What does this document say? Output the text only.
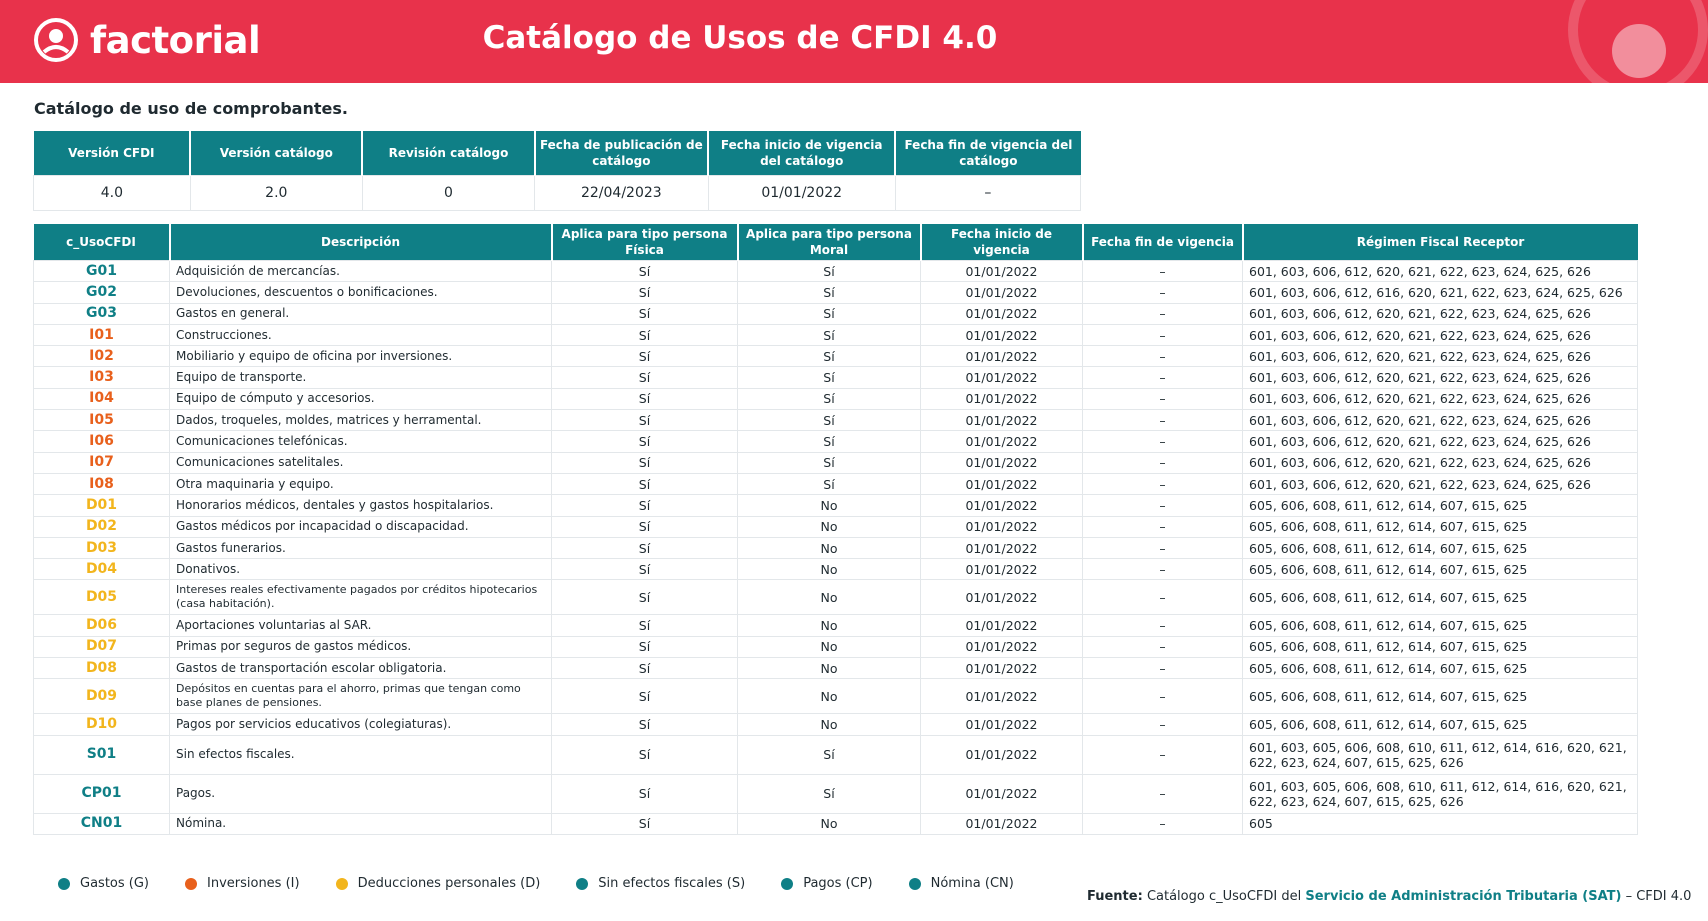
factorial	Catálogo de Usos de CFDI 4.0
Catálogo de uso de comprobantes.
Versión CFDI	Versión catálogo	Revisión catálogo	Fecha de publicación de catálogo	Fecha inicio de vigencia del catálogo	Fecha fin de vigencia del catálogo
4.0	2.0	0	22/04/2023	01/01/2022	–
c_UsoCFDI	Descripción	Aplica para tipo persona Física	Aplica para tipo persona Moral	Fecha inicio de vigencia	Fecha fin de vigencia	Régimen Fiscal Receptor
G01	Adquisición de mercancías.	Sí	Sí	01/01/2022	–	601, 603, 606, 612, 620, 621, 622, 623, 624, 625, 626
G02	Devoluciones, descuentos o bonificaciones.	Sí	Sí	01/01/2022	–	601, 603, 606, 612, 616, 620, 621, 622, 623, 624, 625, 626
G03	Gastos en general.	Sí	Sí	01/01/2022	–	601, 603, 606, 612, 620, 621, 622, 623, 624, 625, 626
I01	Construcciones.	Sí	Sí	01/01/2022	–	601, 603, 606, 612, 620, 621, 622, 623, 624, 625, 626
I02	Mobiliario y equipo de oficina por inversiones.	Sí	Sí	01/01/2022	–	601, 603, 606, 612, 620, 621, 622, 623, 624, 625, 626
I03	Equipo de transporte.	Sí	Sí	01/01/2022	–	601, 603, 606, 612, 620, 621, 622, 623, 624, 625, 626
I04	Equipo de cómputo y accesorios.	Sí	Sí	01/01/2022	–	601, 603, 606, 612, 620, 621, 622, 623, 624, 625, 626
I05	Dados, troqueles, moldes, matrices y herramental.	Sí	Sí	01/01/2022	–	601, 603, 606, 612, 620, 621, 622, 623, 624, 625, 626
I06	Comunicaciones telefónicas.	Sí	Sí	01/01/2022	–	601, 603, 606, 612, 620, 621, 622, 623, 624, 625, 626
I07	Comunicaciones satelitales.	Sí	Sí	01/01/2022	–	601, 603, 606, 612, 620, 621, 622, 623, 624, 625, 626
I08	Otra maquinaria y equipo.	Sí	Sí	01/01/2022	–	601, 603, 606, 612, 620, 621, 622, 623, 624, 625, 626
D01	Honorarios médicos, dentales y gastos hospitalarios.	Sí	No	01/01/2022	–	605, 606, 608, 611, 612, 614, 607, 615, 625
D02	Gastos médicos por incapacidad o discapacidad.	Sí	No	01/01/2022	–	605, 606, 608, 611, 612, 614, 607, 615, 625
D03	Gastos funerarios.	Sí	No	01/01/2022	–	605, 606, 608, 611, 612, 614, 607, 615, 625
D04	Donativos.	Sí	No	01/01/2022	–	605, 606, 608, 611, 612, 614, 607, 615, 625
D05	Intereses reales efectivamente pagados por créditos hipotecarios (casa habitación).	Sí	No	01/01/2022	–	605, 606, 608, 611, 612, 614, 607, 615, 625
D06	Aportaciones voluntarias al SAR.	Sí	No	01/01/2022	–	605, 606, 608, 611, 612, 614, 607, 615, 625
D07	Primas por seguros de gastos médicos.	Sí	No	01/01/2022	–	605, 606, 608, 611, 612, 614, 607, 615, 625
D08	Gastos de transportación escolar obligatoria.	Sí	No	01/01/2022	–	605, 606, 608, 611, 612, 614, 607, 615, 625
D09	Depósitos en cuentas para el ahorro, primas que tengan como base planes de pensiones.	Sí	No	01/01/2022	–	605, 606, 608, 611, 612, 614, 607, 615, 625
D10	Pagos por servicios educativos (colegiaturas).	Sí	No	01/01/2022	–	605, 606, 608, 611, 612, 614, 607, 615, 625
S01	Sin efectos fiscales.	Sí	Sí	01/01/2022	–	601, 603, 605, 606, 608, 610, 611, 612, 614, 616, 620, 621, 622, 623, 624, 607, 615, 625, 626
CP01	Pagos.	Sí	Sí	01/01/2022	–	601, 603, 605, 606, 608, 610, 611, 612, 614, 616, 620, 621, 622, 623, 624, 607, 615, 625, 626
CN01	Nómina.	Sí	No	01/01/2022	–	605
Gastos (G)	Inversiones (I)	Deducciones personales (D)	Sin efectos fiscales (S)	Pagos (CP)	Nómina (CN)
Fuente: Catálogo c_UsoCFDI del Servicio de Administración Tributaria (SAT) – CFDI 4.0
